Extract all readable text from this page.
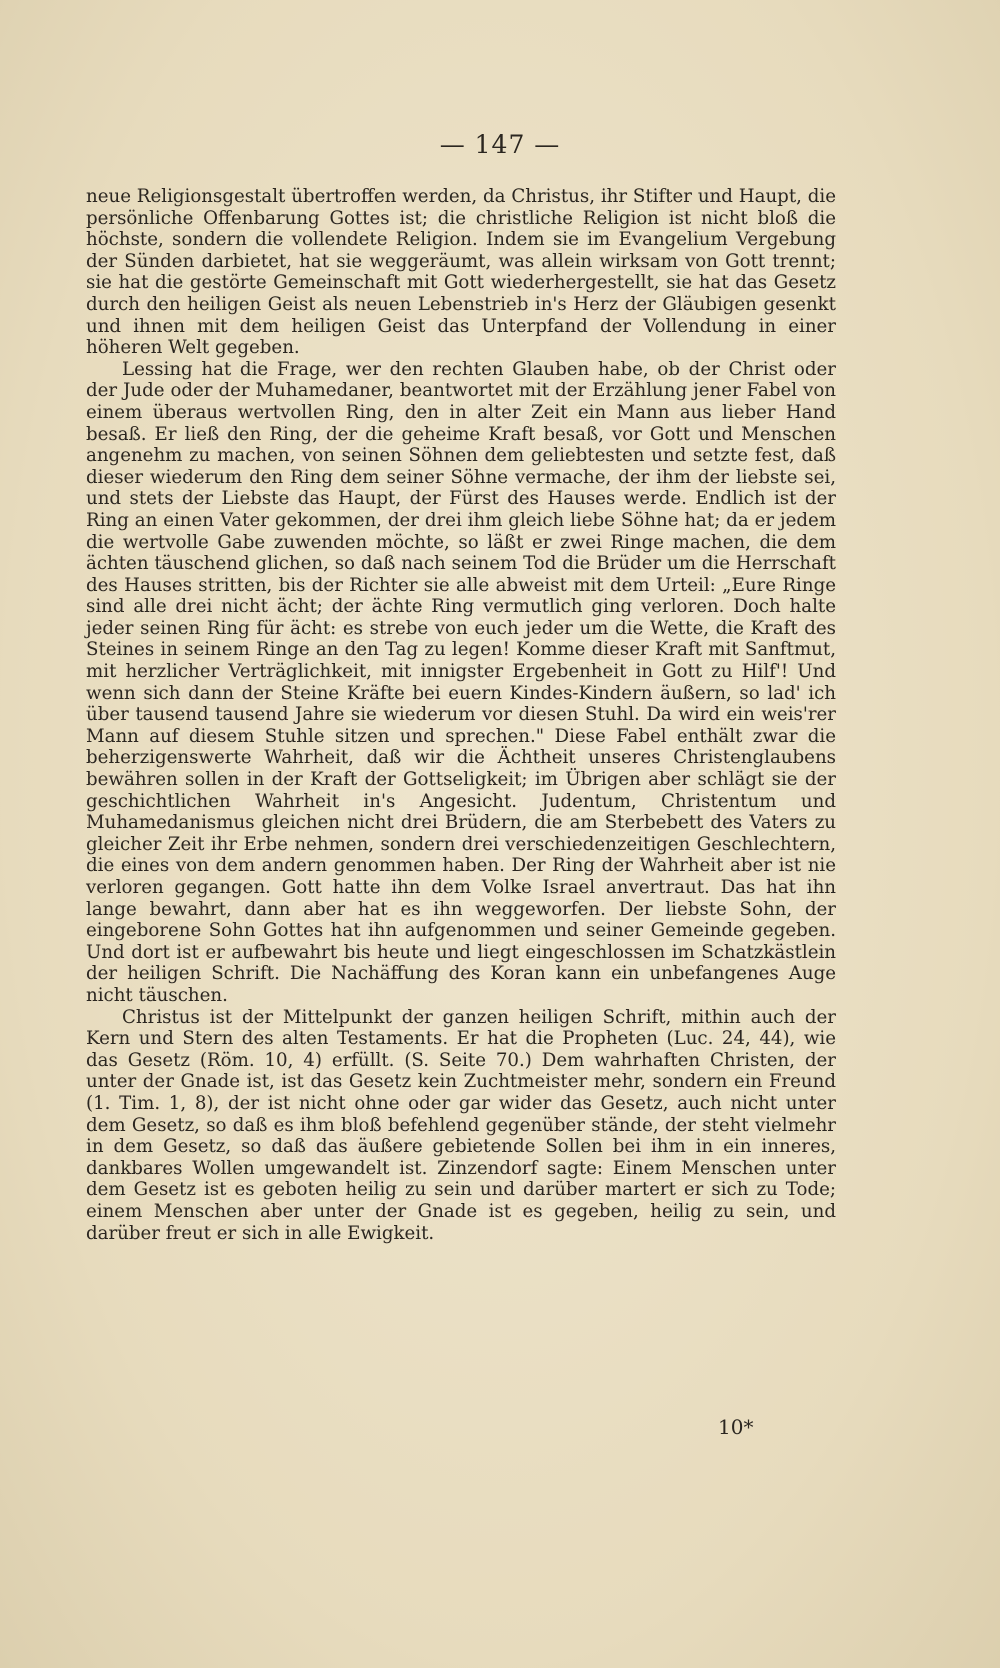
— 147 —

neue Religionsgestalt übertroffen werden, da Christus, ihr Stifter und Haupt, die persönliche Offenbarung Gottes ist; die christliche Religion ist nicht bloß die höchste, sondern die vollendete Religion. Indem sie im Evangelium Vergebung der Sünden darbietet, hat sie weggeräumt, was allein wirksam von Gott trennt; sie hat die gestörte Gemeinschaft mit Gott wiederhergestellt, sie hat das Gesetz durch den heiligen Geist als neuen Lebenstrieb in's Herz der Gläubigen gesenkt und ihnen mit dem heiligen Geist das Unterpfand der Vollendung in einer höheren Welt gegeben.

Lessing hat die Frage, wer den rechten Glauben habe, ob der Christ oder der Jude oder der Muhamedaner, beantwortet mit der Erzählung jener Fabel von einem überaus wertvollen Ring, den in alter Zeit ein Mann aus lieber Hand besaß. Er ließ den Ring, der die geheime Kraft besaß, vor Gott und Menschen angenehm zu machen, von seinen Söhnen dem geliebtesten und setzte fest, daß dieser wiederum den Ring dem seiner Söhne vermache, der ihm der liebste sei, und stets der Liebste das Haupt, der Fürst des Hauses werde. Endlich ist der Ring an einen Vater gekommen, der drei ihm gleich liebe Söhne hat; da er jedem die wertvolle Gabe zuwenden möchte, so läßt er zwei Ringe machen, die dem ächten täuschend glichen, so daß nach seinem Tod die Brüder um die Herrschaft des Hauses stritten, bis der Richter sie alle abweist mit dem Urteil: „Eure Ringe sind alle drei nicht ächt; der ächte Ring vermutlich ging verloren. Doch halte jeder seinen Ring für ächt: es strebe von euch jeder um die Wette, die Kraft des Steines in seinem Ringe an den Tag zu legen! Komme dieser Kraft mit Sanftmut, mit herzlicher Verträglichkeit, mit innigster Ergebenheit in Gott zu Hilf'! Und wenn sich dann der Steine Kräfte bei euern Kindes-Kindern äußern, so lad' ich über tausend tausend Jahre sie wiederum vor diesen Stuhl. Da wird ein weis'rer Mann auf diesem Stuhle sitzen und sprechen." Diese Fabel enthält zwar die beherzigenswerte Wahrheit, daß wir die Ächtheit unseres Christenglaubens bewähren sollen in der Kraft der Gottseligkeit; im Übrigen aber schlägt sie der geschichtlichen Wahrheit in's Angesicht. Judentum, Christentum und Muhamedanismus gleichen nicht drei Brüdern, die am Sterbebett des Vaters zu gleicher Zeit ihr Erbe nehmen, sondern drei verschiedenzeitigen Geschlechtern, die eines von dem andern genommen haben. Der Ring der Wahrheit aber ist nie verloren gegangen. Gott hatte ihn dem Volke Israel anvertraut. Das hat ihn lange bewahrt, dann aber hat es ihn weggeworfen. Der liebste Sohn, der eingeborene Sohn Gottes hat ihn aufgenommen und seiner Gemeinde gegeben. Und dort ist er aufbewahrt bis heute und liegt eingeschlossen im Schatzkästlein der heiligen Schrift. Die Nachäffung des Koran kann ein unbefangenes Auge nicht täuschen.

Christus ist der Mittelpunkt der ganzen heiligen Schrift, mithin auch der Kern und Stern des alten Testaments. Er hat die Propheten (Luc. 24, 44), wie das Gesetz (Röm. 10, 4) erfüllt. (S. Seite 70.) Dem wahrhaften Christen, der unter der Gnade ist, ist das Gesetz kein Zuchtmeister mehr, sondern ein Freund (1. Tim. 1, 8), der ist nicht ohne oder gar wider das Gesetz, auch nicht unter dem Gesetz, so daß es ihm bloß befehlend gegenüber stände, der steht vielmehr in dem Gesetz, so daß das äußere gebietende Sollen bei ihm in ein inneres, dankbares Wollen umgewandelt ist. Zinzendorf sagte: Einem Menschen unter dem Gesetz ist es geboten heilig zu sein und darüber martert er sich zu Tode; einem Menschen aber unter der Gnade ist es gegeben, heilig zu sein, und darüber freut er sich in alle Ewigkeit.

10*
